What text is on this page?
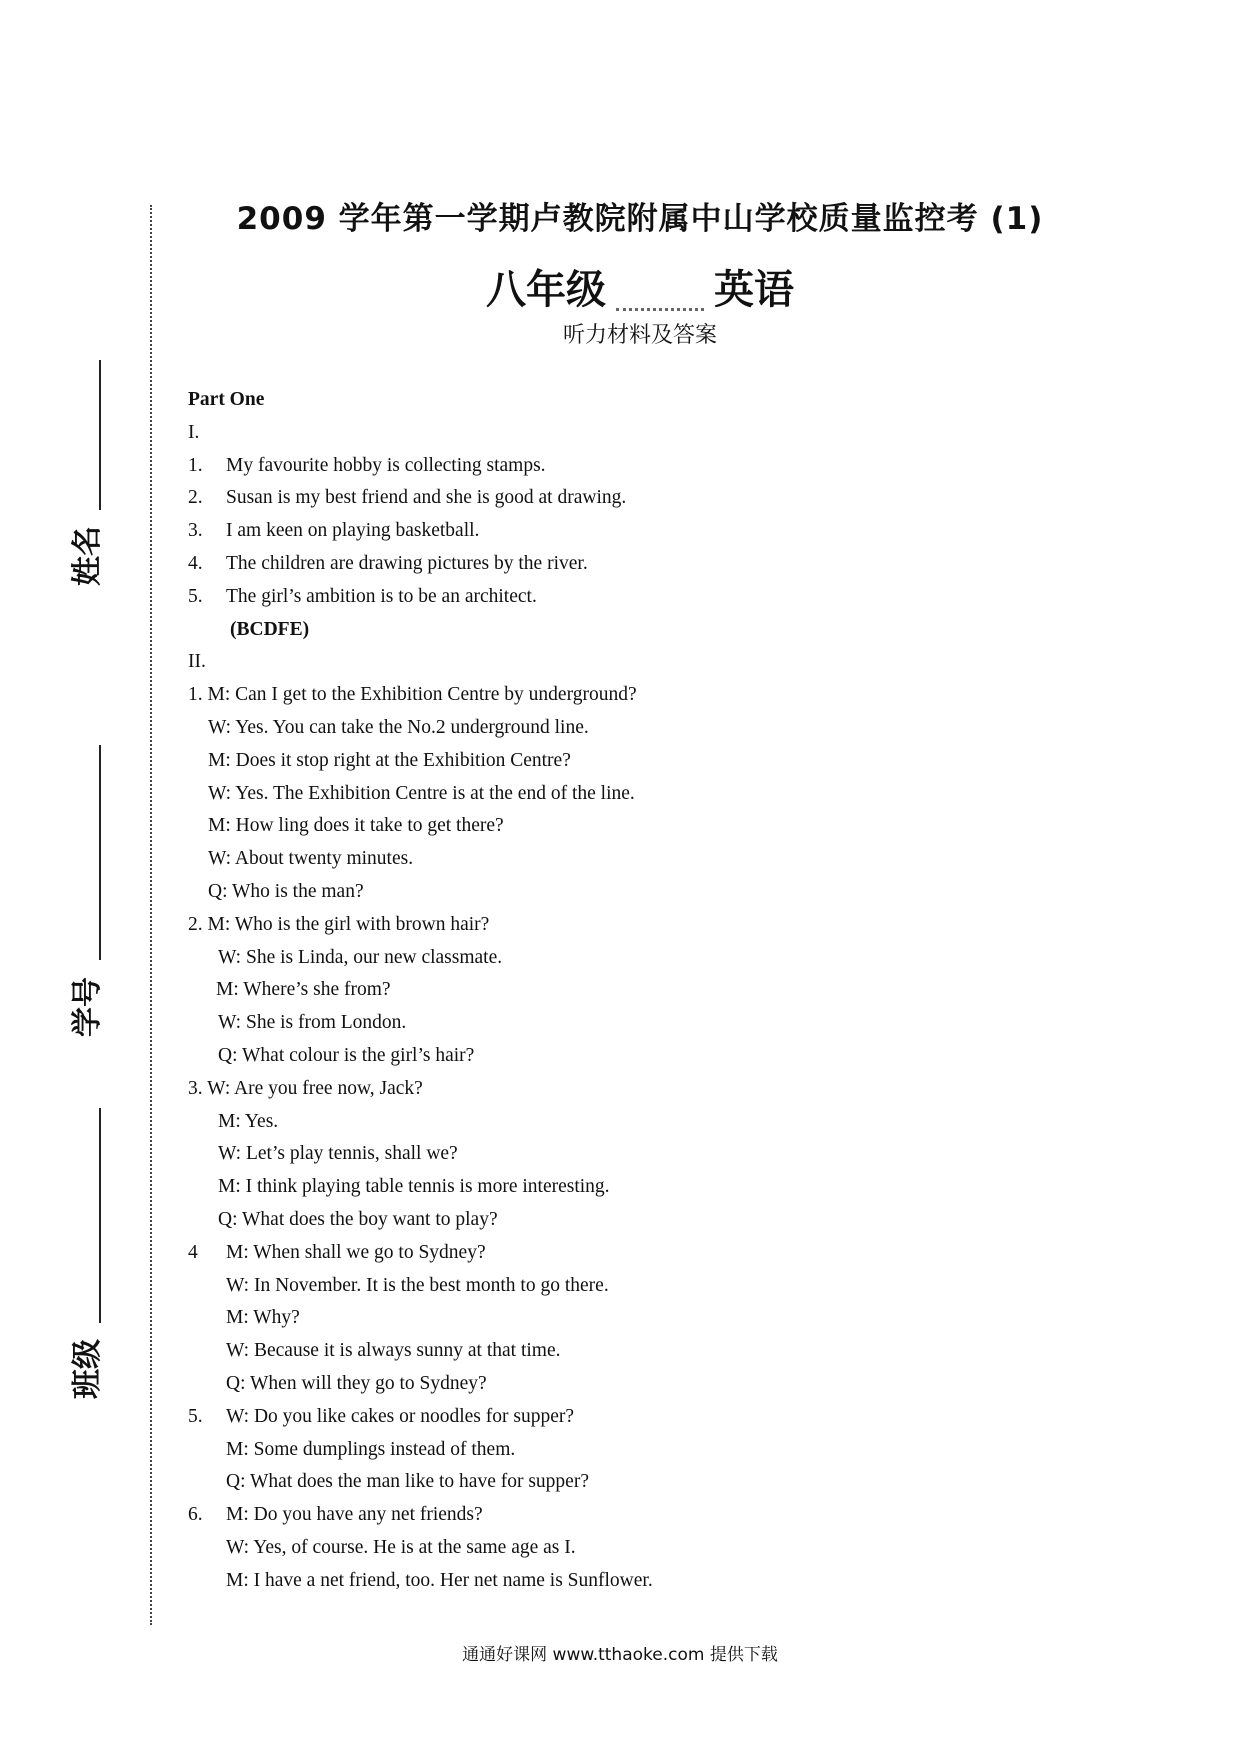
姓名
学号
班级
2009 学年第一学期卢教院附属中山学校质量监控考 (1)
八年级	英语
听力材料及答案
Part One
I.
1. My favourite hobby is collecting stamps.
2. Susan is my best friend and she is good at drawing.
3. I am keen on playing basketball.
4. The children are drawing pictures by the river.
5. The girl’s ambition is to be an architect.
(BCDFE)
II.
1. M: Can I get to the Exhibition Centre by underground?
W: Yes. You can take the No.2 underground line.
M: Does it stop right at the Exhibition Centre?
W: Yes. The Exhibition Centre is at the end of the line.
M: How ling does it take to get there?
W: About twenty minutes.
Q: Who is the man?
2. M: Who is the girl with brown hair?
W: She is Linda, our new classmate.
M: Where’s she from?
W: She is from London.
Q: What colour is the girl’s hair?
3. W: Are you free now, Jack?
M: Yes.
W: Let’s play tennis, shall we?
M: I think playing table tennis is more interesting.
Q: What does the boy want to play?
4 M: When shall we go to Sydney?
W: In November. It is the best month to go there.
M: Why?
W: Because it is always sunny at that time.
Q: When will they go to Sydney?
5. W: Do you like cakes or noodles for supper?
M: Some dumplings instead of them.
Q: What does the man like to have for supper?
6. M: Do you have any net friends?
W: Yes, of course. He is at the same age as I.
M: I have a net friend, too. Her net name is Sunflower.
通通好课网 www.tthaoke.com 提供下载
